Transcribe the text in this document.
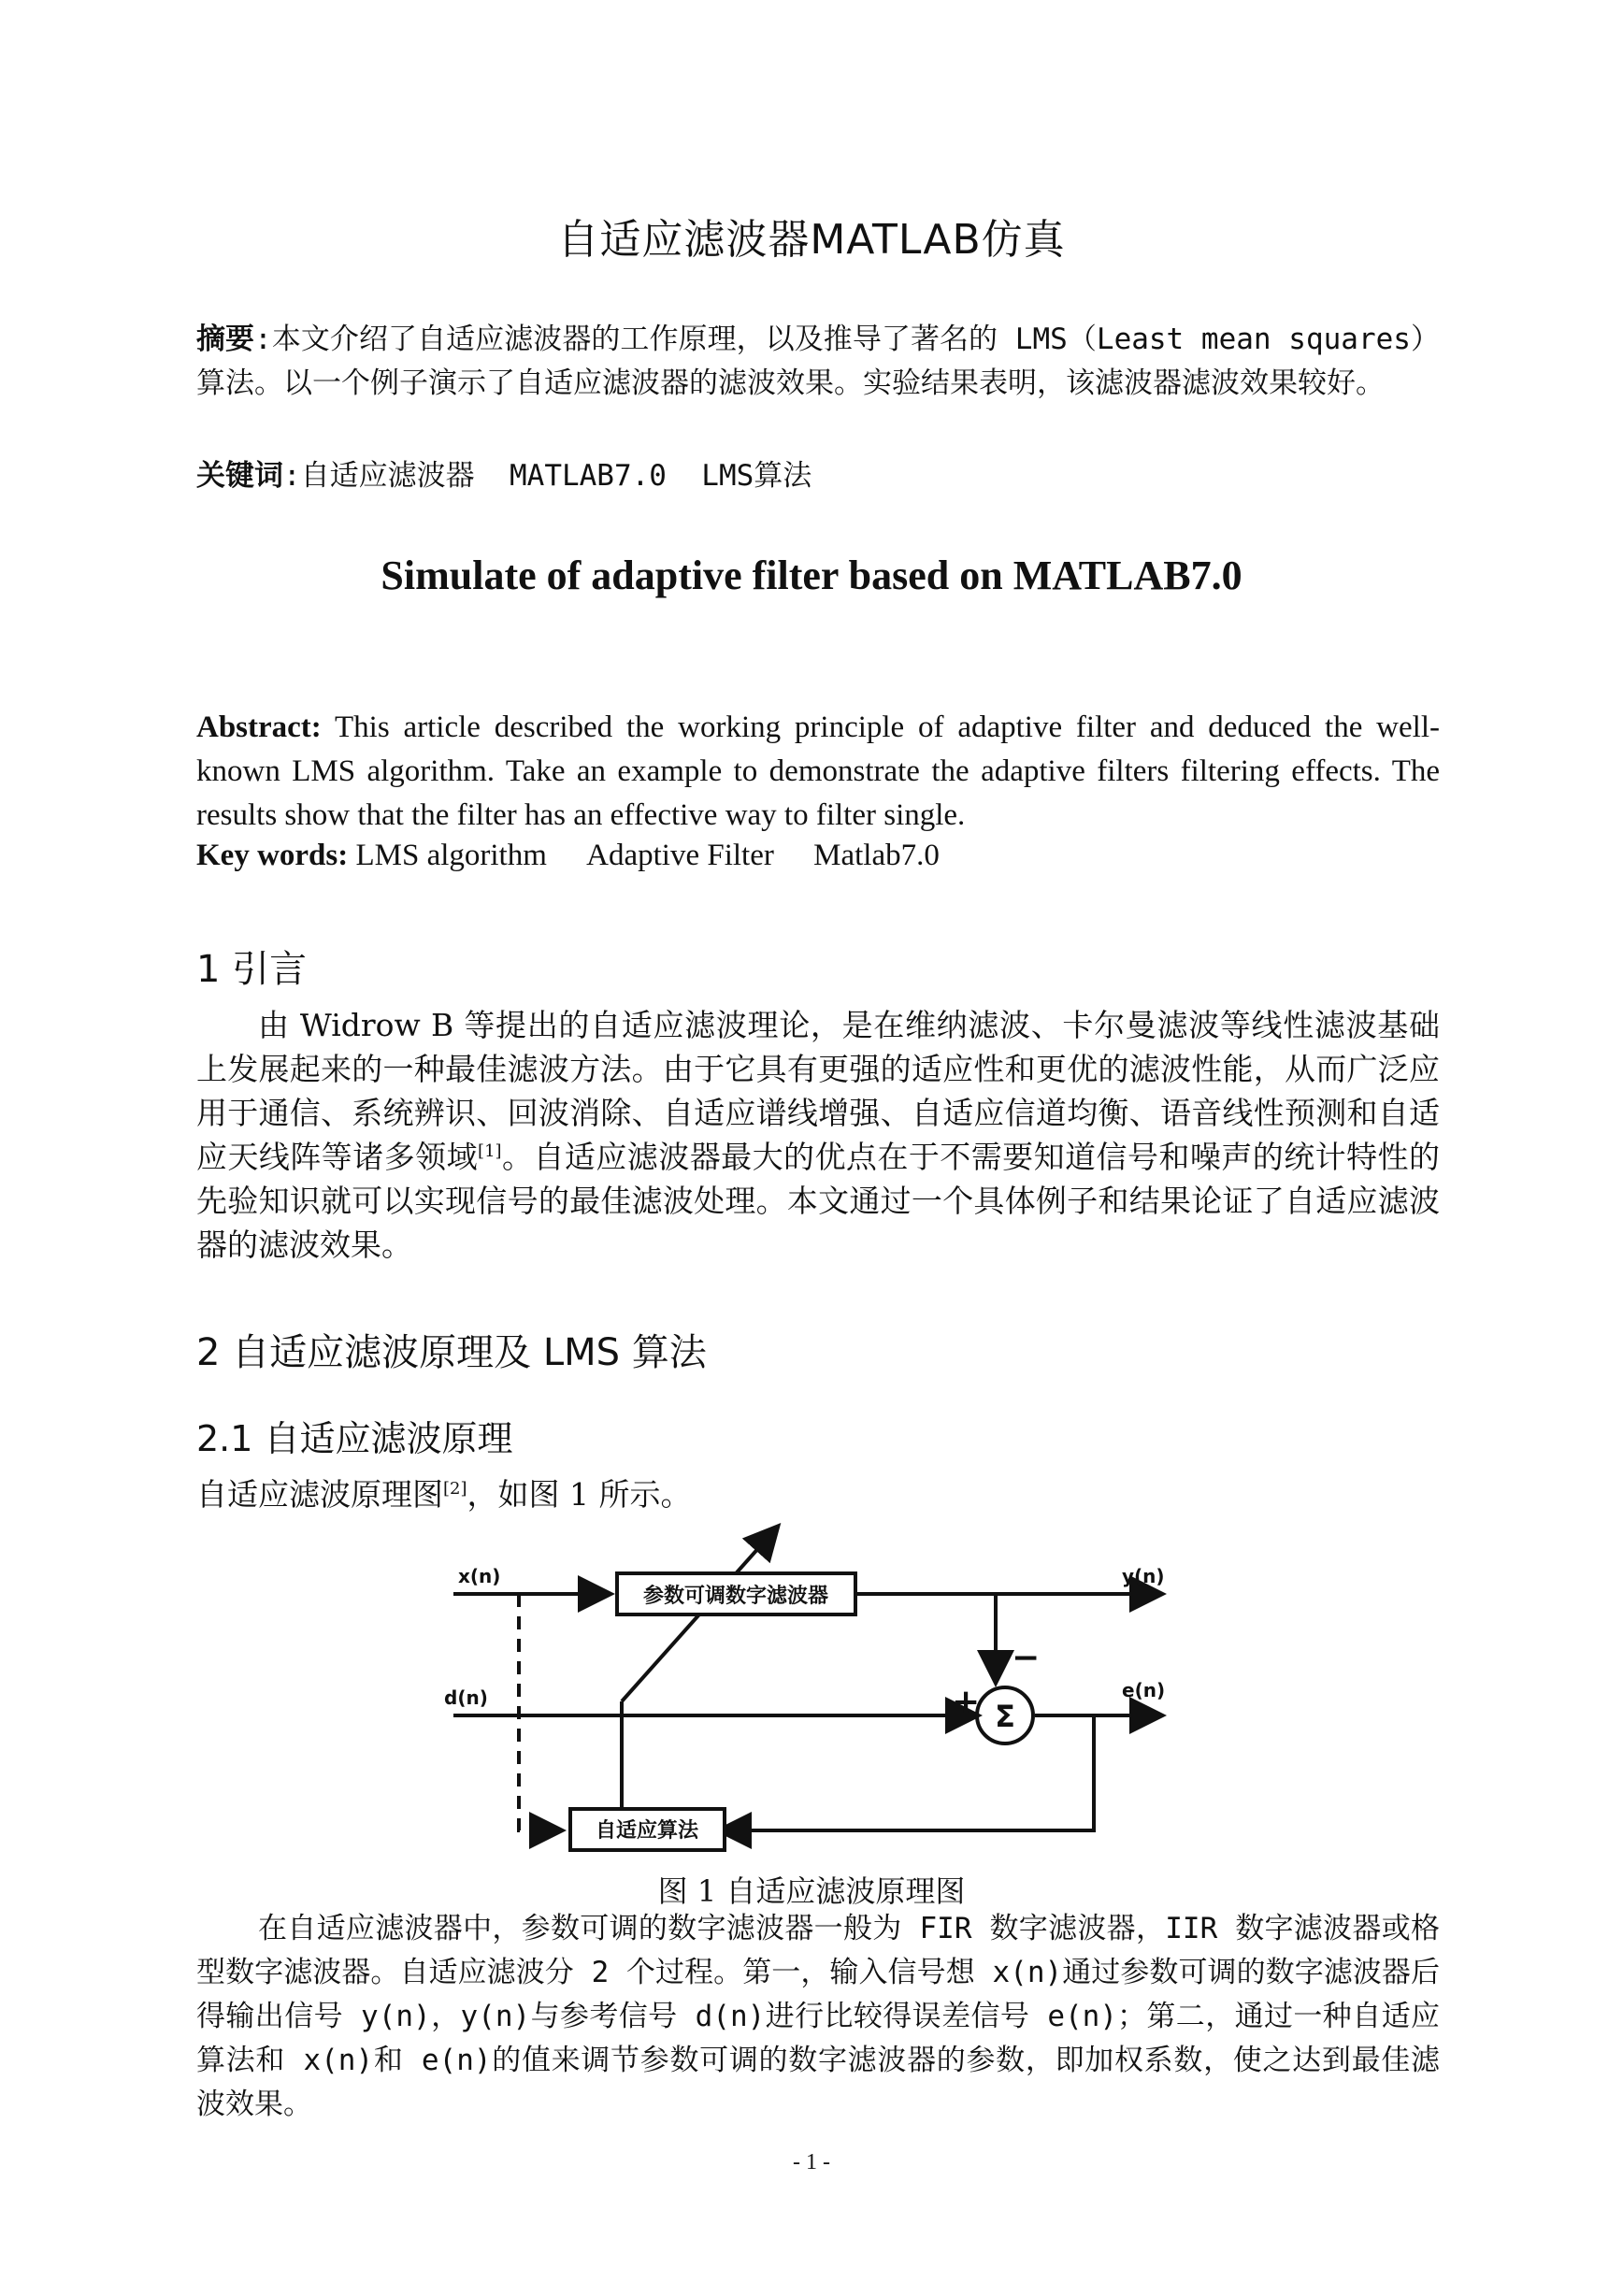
自适应滤波器MATLAB仿真
摘要:本文介绍了自适应滤波器的工作原理，以及推导了著名的 LMS（Least mean squares）算法。以一个例子演示了自适应滤波器的滤波效果。实验结果表明，该滤波器滤波效果较好。
关键词:自适应滤波器  MATLAB7.0  LMS算法
Simulate of adaptive filter based on MATLAB7.0
Abstract: This article described the working principle of adaptive filter and deduced the well-known LMS algorithm. Take an example to demonstrate the adaptive filters filtering effects. The results show that the filter has an effective way to filter single.
Key words: LMS algorithm Adaptive Filter Matlab7.0
1 引言
由 Widrow B 等提出的自适应滤波理论，是在维纳滤波、卡尔曼滤波等线性滤波基础上发展起来的一种最佳滤波方法。由于它具有更强的适应性和更优的滤波性能，从而广泛应用于通信、系统辨识、回波消除、自适应谱线增强、自适应信道均衡、语音线性预测和自适应天线阵等诸多领域[1]。自适应滤波器最大的优点在于不需要知道信号和噪声的统计特性的先验知识就可以实现信号的最佳滤波处理。本文通过一个具体例子和结果论证了自适应滤波器的滤波效果。
2 自适应滤波原理及 LMS 算法
2.1 自适应滤波原理
自适应滤波原理图[2]，如图 1 所示。
参数可调数字滤波器
自适应算法
x(n)
d(n)
y(n)
e(n)
Σ
+
−
图 1 自适应滤波原理图
在自适应滤波器中，参数可调的数字滤波器一般为 FIR 数字滤波器，IIR 数字滤波器或格型数字滤波器。自适应滤波分 2 个过程。第一，输入信号想 x(n)通过参数可调的数字滤波器后得输出信号 y(n)，y(n)与参考信号 d(n)进行比较得误差信号 e(n)；第二，通过一种自适应算法和 x(n)和 e(n)的值来调节参数可调的数字滤波器的参数，即加权系数，使之达到最佳滤波效果。
- 1 -
